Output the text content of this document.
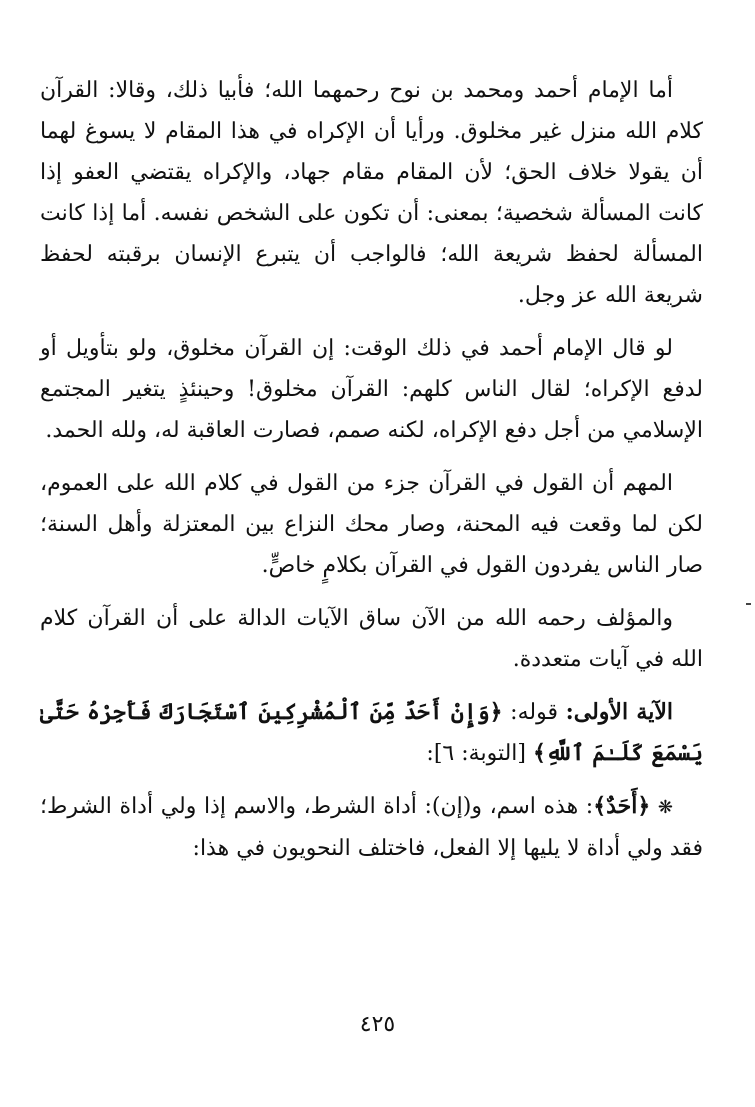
أما الإمام أحمد ومحمد بن نوح رحمهما الله؛ فأبيا ذلك، وقالا: القرآن كلام الله منزل غير مخلوق. ورأيا أن الإكراه في هذا المقام لا يسوغ لهما أن يقولا خلاف الحق؛ لأن المقام مقام جهاد، والإكراه يقتضي العفو إذا كانت المسألة شخصية؛ بمعنى: أن تكون على الشخص نفسه. أما إذا كانت المسألة لحفظ شريعة الله؛ فالواجب أن يتبرع الإنسان برقبته لحفظ شريعة الله عز وجل.

لو قال الإمام أحمد في ذلك الوقت: إن القرآن مخلوق، ولو بتأويل أو لدفع الإكراه؛ لقال الناس كلهم: القرآن مخلوق! وحينئذٍ يتغير المجتمع الإسلامي من أجل دفع الإكراه، لكنه صمم، فصارت العاقبة له، ولله الحمد.

المهم أن القول في القرآن جزء من القول في كلام الله على العموم، لكن لما وقعت فيه المحنة، وصار محك النزاع بين المعتزلة وأهل السنة؛ صار الناس يفردون القول في القرآن بكلامٍ خاصٍّ.

والمؤلف رحمه الله من الآن ساق الآيات الدالة على أن القرآن كلام الله في آيات متعددة.

الآية الأولى: قوله: ﴿وَإِنْ أَحَدٌ مِّنَ ٱلْمُشْرِكِينَ ٱسْتَجَارَكَ فَأَجِرْهُ حَتَّىٰ يَسْمَعَ كَلَـٰمَ ٱللَّهِ﴾ [التوبة: ٦]:

❋ ﴿أَحَدٌ﴾: هذه اسم، و(إن): أداة الشرط، والاسم إذا ولي أداة الشرط؛ فقد ولي أداة لا يليها إلا الفعل، فاختلف النحويون في هذا:

٤٢٥
